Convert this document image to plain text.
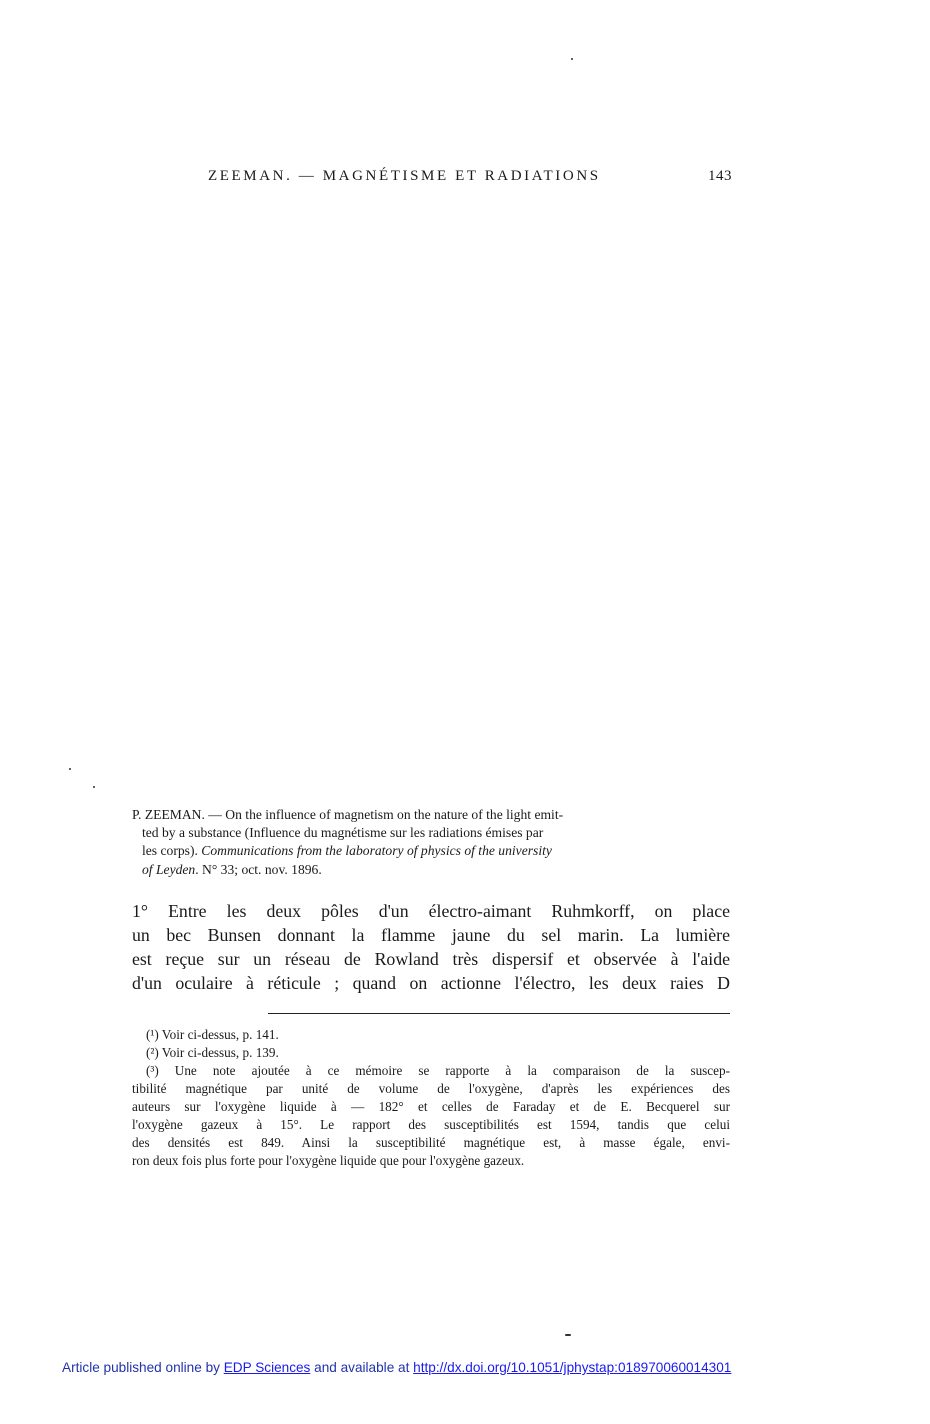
ZEEMAN. — MAGNÉTISME ET RADIATIONS	143
P. ZEEMAN. — On the influence of magnetism on the nature of the light emit-
ted by a substance (Influence du magnétisme sur les radiations émises par
les corps). Communications from the laboratory of physics of the university
of Leyden. N° 33; oct. nov. 1896.
1° Entre les deux pôles d'un électro-aimant Ruhmkorff, on place
un bec Bunsen donnant la flamme jaune du sel marin. La lumière
est reçue sur un réseau de Rowland très dispersif et observée à l'aide
d'un oculaire à réticule ; quand on actionne l'électro, les deux raies D
(¹) Voir ci-dessus, p. 141.
(²) Voir ci-dessus, p. 139.
(³) Une note ajoutée à ce mémoire se rapporte à la comparaison de la suscep-
tibilité magnétique par unité de volume de l'oxygène, d'après les expériences des
auteurs sur l'oxygène liquide à — 182° et celles de Faraday et de E. Becquerel sur
l'oxygène gazeux à 15°. Le rapport des susceptibilités est 1594, tandis que celui
des densités est 849. Ainsi la susceptibilité magnétique est, à masse égale, envi-
ron deux fois plus forte pour l'oxygène liquide que pour l'oxygène gazeux.
Article published online by EDP Sciences and available at http://dx.doi.org/10.1051/jphystap:018970060014301
